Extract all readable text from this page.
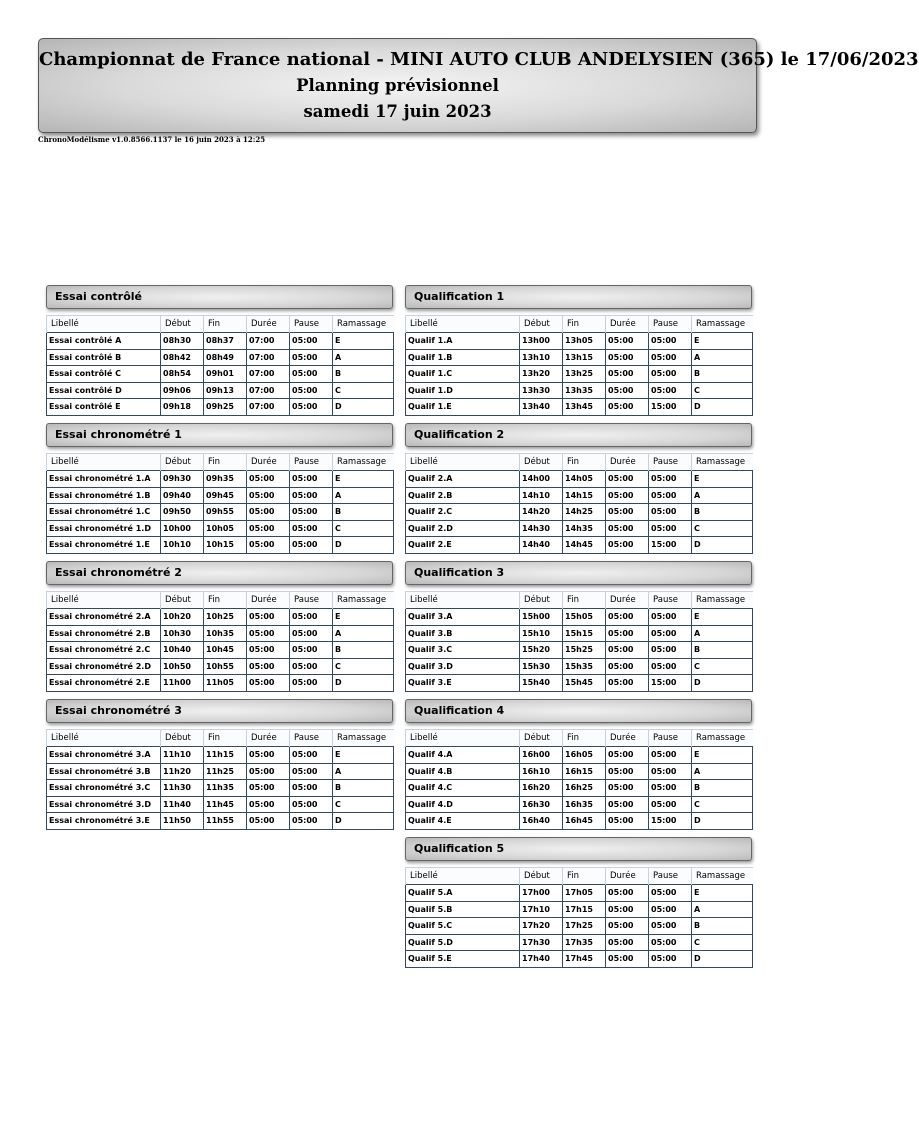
Championnat de France national - MINI AUTO CLUB ANDELYSIEN (365) le 17/06/2023
Planning prévisionnel
samedi 17 juin 2023
ChronoModélisme v1.0.8566.1137 le 16 juin 2023 à 12:25
Essai contrôlé
Libellé	Début	Fin	Durée	Pause	Ramassage
Essai contrôlé A	08h30	08h37	07:00	05:00	E
Essai contrôlé B	08h42	08h49	07:00	05:00	A
Essai contrôlé C	08h54	09h01	07:00	05:00	B
Essai contrôlé D	09h06	09h13	07:00	05:00	C
Essai contrôlé E	09h18	09h25	07:00	05:00	D
Qualification 1
Libellé	Début	Fin	Durée	Pause	Ramassage
Qualif 1.A	13h00	13h05	05:00	05:00	E
Qualif 1.B	13h10	13h15	05:00	05:00	A
Qualif 1.C	13h20	13h25	05:00	05:00	B
Qualif 1.D	13h30	13h35	05:00	05:00	C
Qualif 1.E	13h40	13h45	05:00	15:00	D
Essai chronométré 1
Libellé	Début	Fin	Durée	Pause	Ramassage
Essai chronométré 1.A	09h30	09h35	05:00	05:00	E
Essai chronométré 1.B	09h40	09h45	05:00	05:00	A
Essai chronométré 1.C	09h50	09h55	05:00	05:00	B
Essai chronométré 1.D	10h00	10h05	05:00	05:00	C
Essai chronométré 1.E	10h10	10h15	05:00	05:00	D
Qualification 2
Libellé	Début	Fin	Durée	Pause	Ramassage
Qualif 2.A	14h00	14h05	05:00	05:00	E
Qualif 2.B	14h10	14h15	05:00	05:00	A
Qualif 2.C	14h20	14h25	05:00	05:00	B
Qualif 2.D	14h30	14h35	05:00	05:00	C
Qualif 2.E	14h40	14h45	05:00	15:00	D
Essai chronométré 2
Libellé	Début	Fin	Durée	Pause	Ramassage
Essai chronométré 2.A	10h20	10h25	05:00	05:00	E
Essai chronométré 2.B	10h30	10h35	05:00	05:00	A
Essai chronométré 2.C	10h40	10h45	05:00	05:00	B
Essai chronométré 2.D	10h50	10h55	05:00	05:00	C
Essai chronométré 2.E	11h00	11h05	05:00	05:00	D
Qualification 3
Libellé	Début	Fin	Durée	Pause	Ramassage
Qualif 3.A	15h00	15h05	05:00	05:00	E
Qualif 3.B	15h10	15h15	05:00	05:00	A
Qualif 3.C	15h20	15h25	05:00	05:00	B
Qualif 3.D	15h30	15h35	05:00	05:00	C
Qualif 3.E	15h40	15h45	05:00	15:00	D
Essai chronométré 3
Libellé	Début	Fin	Durée	Pause	Ramassage
Essai chronométré 3.A	11h10	11h15	05:00	05:00	E
Essai chronométré 3.B	11h20	11h25	05:00	05:00	A
Essai chronométré 3.C	11h30	11h35	05:00	05:00	B
Essai chronométré 3.D	11h40	11h45	05:00	05:00	C
Essai chronométré 3.E	11h50	11h55	05:00	05:00	D
Qualification 4
Libellé	Début	Fin	Durée	Pause	Ramassage
Qualif 4.A	16h00	16h05	05:00	05:00	E
Qualif 4.B	16h10	16h15	05:00	05:00	A
Qualif 4.C	16h20	16h25	05:00	05:00	B
Qualif 4.D	16h30	16h35	05:00	05:00	C
Qualif 4.E	16h40	16h45	05:00	15:00	D
Qualification 5
Libellé	Début	Fin	Durée	Pause	Ramassage
Qualif 5.A	17h00	17h05	05:00	05:00	E
Qualif 5.B	17h10	17h15	05:00	05:00	A
Qualif 5.C	17h20	17h25	05:00	05:00	B
Qualif 5.D	17h30	17h35	05:00	05:00	C
Qualif 5.E	17h40	17h45	05:00	05:00	D
